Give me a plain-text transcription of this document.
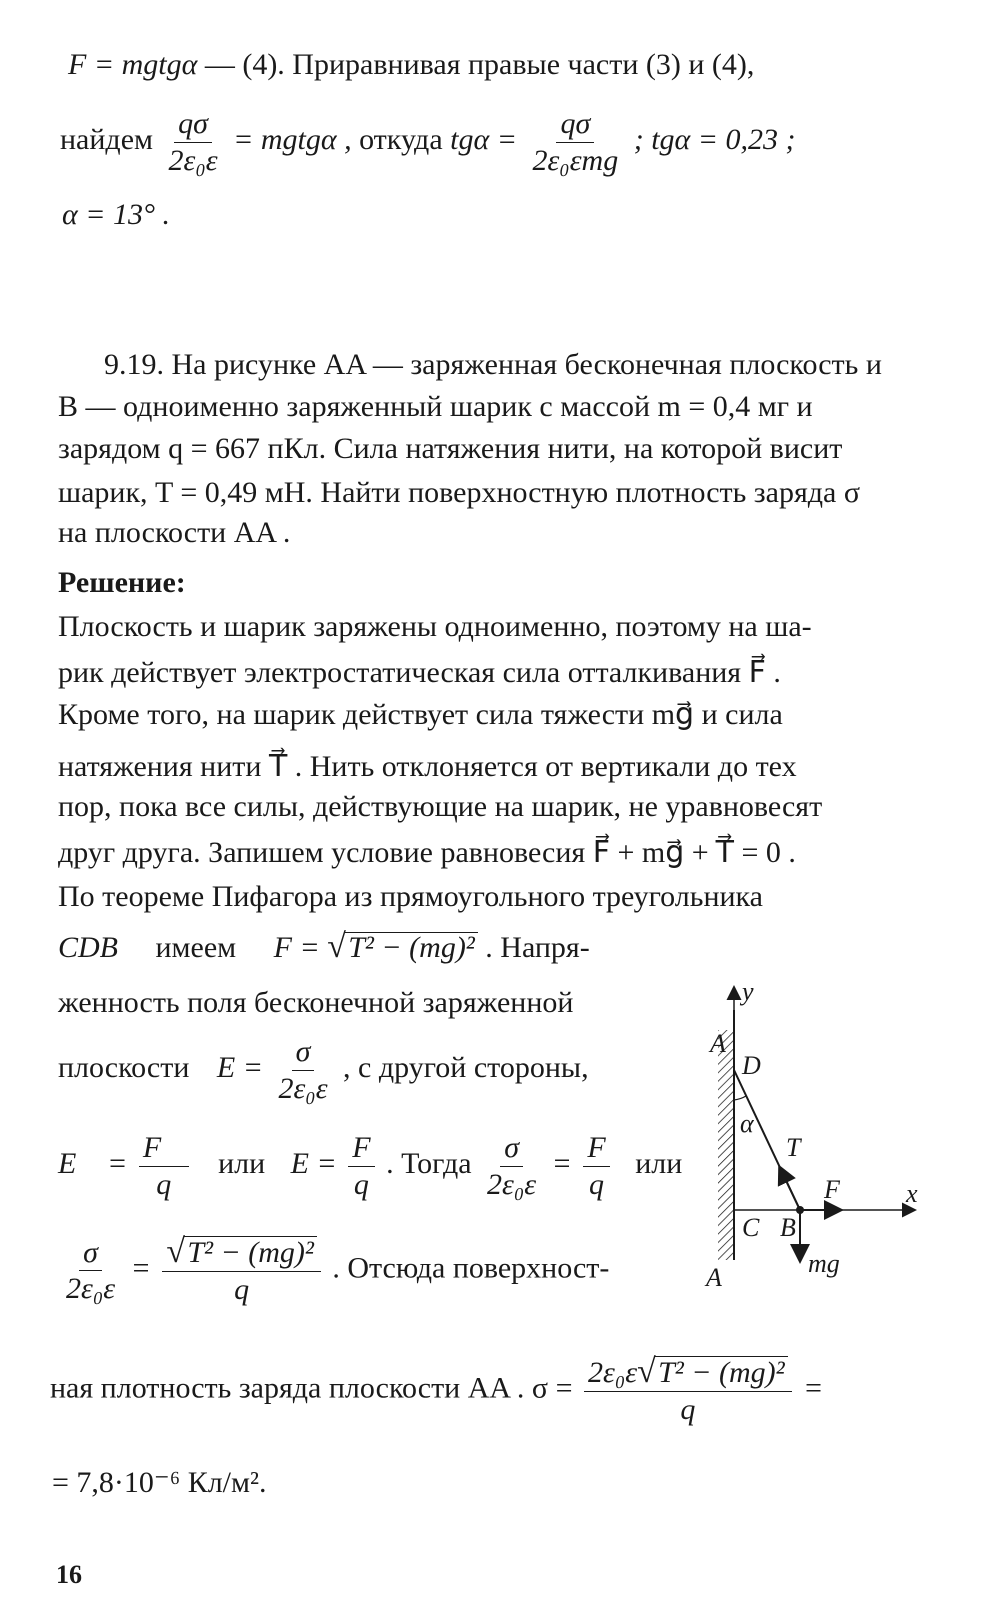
F = mgtgα — (4). Приравнивая правые части (3) и (4),
найдем $\frac{q\sigma}{\text{2ε₀ε}}$ = mgtgα , откуда $tg\alpha = \frac{q\sigma}{\text{2ε₀εmg}}$ ; tgα = 0,23 ;
α = 13° .
9.19. На рисунке AA — заряженная бесконечная плоскость и
B — одноименно заряженный шарик с массой m = 0,4 мг и
зарядом q = 667 пКл. Сила натяжения нити, на которой висит
шарик, T = 0,49 мН. Найти поверхностную плотность заряда σ
на плоскости AA .
Решение:
Плоскость и шарик заряжены одноименно, поэтому на ша-
рик действует электростатическая сила отталкивания F⃗ .
Кроме того, на шарик действует сила тяжести mg⃗ и сила
натяжения нити T⃗ . Нить отклоняется от вертикали до тех
пор, пока все силы, действующие на шарик, не уравновесят
друг друга. Запишем условие равновесия F⃗ + mg⃗ + T⃗ = 0 .
По теореме Пифагора из прямоугольного треугольника
CDB имеем F = √ T² − (mg)² . Напря-
женность поля бесконечной заряженной
плоскости $E = \frac{\sigma}{\text{2ε₀ε}}$ , с другой стороны,
E⃗ = $\frac{F⃗}{q}$ или $E = \frac{F}{q}$ . Тогда $\frac{\sigma}{\text{2ε₀ε}} = \frac{F}{q}$ или
$\frac{\sigma}{\text{2ε₀ε}}$ = √ $\frac{\text{T² − (mg)²}}{q}$ . Отсюда поверхност-
ная плотность заряда плоскости AA . $\sigma = \frac{\text{2ε₀ε √ T² − (mg)²}}{q}$ =
= 7,8·10⁻⁶ Кл/м².
y
x
A
A
D
α
T⃗
F⃗
C B
mg⃗
16
